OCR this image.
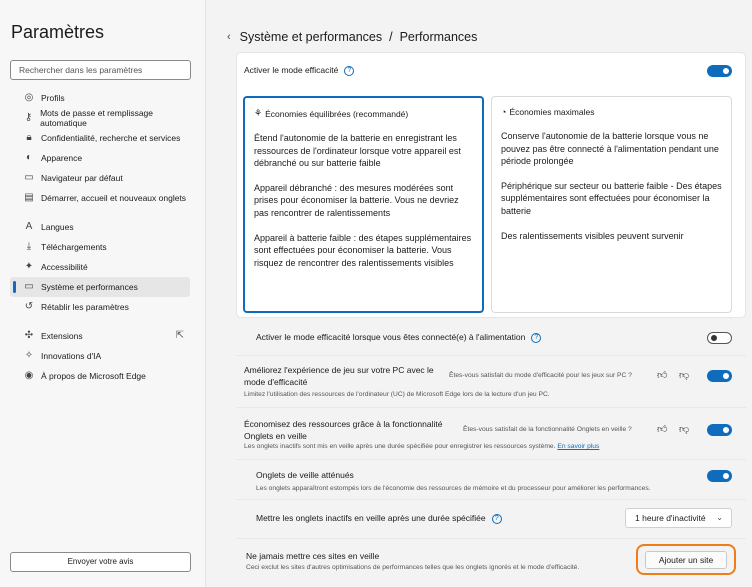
Paramètres
Rechercher dans les paramètres
◎ Profils
⚷ Mots de passe et remplissage automatique
🔒︎	Confidentialité, recherche et services
◐	Apparence
▭ Navigateur par défaut
▤ Démarrer, accueil et nouveaux onglets
A	Langues
⤓	Téléchargements
✦ Accessibilité
▭ Système et performances
↺ Rétablir les paramètres
✣ Extensions	⇱
✧ Innovations d'IA
◉ À propos de Microsoft Edge
Envoyer votre avis
‹ Système et performances / Performances
Activer le mode efficacité ?
⚘ Économies équilibrées (recommandé)

Étend l'autonomie de la batterie en enregistrant les ressources de l'ordinateur lorsque votre appareil est débranché ou sur batterie faible

Appareil débranché : des mesures modérées sont prises pour économiser la batterie. Vous ne devriez pas rencontrer de ralentissements

Appareil à batterie faible : des étapes supplémentaires sont effectuées pour économiser la batterie. Vous risquez de rencontrer des ralentissements visibles

◔ Économies maximales

Conserve l'autonomie de la batterie lorsque vous ne pouvez pas être connecté à l'alimentation pendant une période prolongée

Périphérique sur secteur ou batterie faible - Des étapes supplémentaires sont effectuées pour économiser la batterie

Des ralentissements visibles peuvent survenir

Activer le mode efficacité lorsque vous êtes connecté(e) à l'alimentation ?
Améliorez l'expérience de jeu sur votre PC avec le mode d'efficacité
Êtes-vous satisfait du mode d'efficacité pour les jeux sur PC ?	👍︎ 👎︎
Limitez l'utilisation des ressources de l'ordinateur (UC) de Microsoft Edge lors de la lecture d'un jeu PC.
Économisez des ressources grâce à la fonctionnalité Onglets en veille
Êtes-vous satisfait de la fonctionnalité Onglets en veille ?	👍︎ 👎︎
Les onglets inactifs sont mis en veille après une durée spécifiée pour enregistrer les ressources système. En savoir plus
Onglets de veille atténués
Les onglets apparaîtront estompés lors de l'économie des ressources de mémoire et du processeur pour améliorer les performances.
Mettre les onglets inactifs en veille après une durée spécifiée ?	1 heure d'inactivité ⌄
Ne jamais mettre ces sites en veille
Ceci exclut les sites d'autres optimisations de performances telles que les onglets ignorés et le mode d'efficacité.
Ajouter un site
